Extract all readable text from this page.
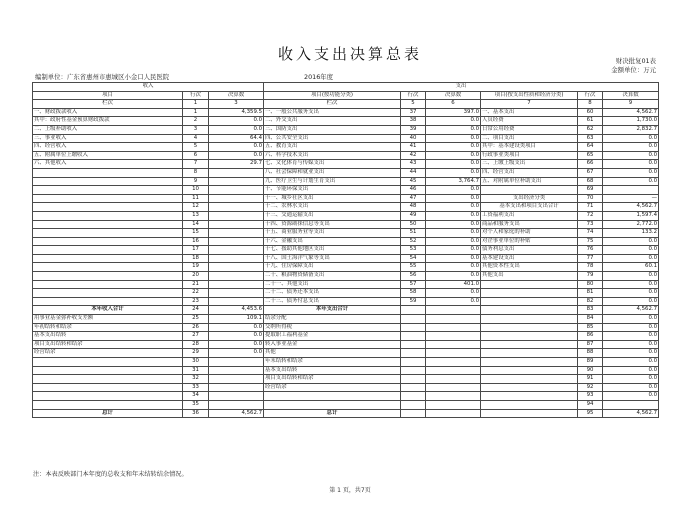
收入支出决算总表	财决批复01表
编制单位：广东省惠州市惠城区小金口人民医院	2016年度
金额单位：万元
收入			支出					
项目	行次	决算数	项目(按功能分类)	行次	决算数	项目(按支出性质和经济分类)	行次	决算数
栏次	1	3	栏次	5	6	7	8	9
一、财政拨款收入	1	4,359.5	一、一般公共服务支出	37	397.0	一、基本支出	60	4,562.7
其中：政府性基金预算财政拨款	2	0.0	二、外交支出	38	0.0	人员经费	61	1,730.0
二、上级补助收入	3	0.0	三、国防支出	39	0.0	日常公用经费	62	2,832.7
三、事业收入	4	64.4	四、公共安全支出	40	0.0	二、项目支出	63	0.0
四、经营收入	5	0.0	五、教育支出	41	0.0	其中：基本建设类项目	64	0.0
五、附属单位上缴收入	6	0.0	六、科学技术支出	42	0.0	行政事业类项目	65	0.0
六、其他收入	7	29.7	七、文化体育与传媒支出	43	0.0	三、上缴上级支出	66	0.0
	8		八、社会保障和就业支出	44	0.0	四、经营支出	67	0.0
	9		九、医疗卫生与计划生育支出	45	3,764.7	五、对附属单位补助支出	68	0.0
	10		十、节能环保支出	46	0.0		69	
	11		十一、城乡社区支出	47	0.0	支出经济分类	70	—
	12		十二、农林水支出	48	0.0	基本支出和项目支出合计	71	4,562.7
	13		十三、交通运输支出	49	0.0	工资福利支出	72	1,597.4
	14		十四、资源勘探信息等支出	50	0.0	商品和服务支出	73	2,772.0
	15		十五、商业服务业等支出	51	0.0	对个人和家庭的补助	74	133.2
	16		十六、金融支出	52	0.0	对企事业单位的补贴	75	0.0
	17		十七、援助其他地区支出	53	0.0	债务利息支出	76	0.0
	18		十八、国土海洋气象等支出	54	0.0	基本建设支出	77	0.0
	19		十九、住房保障支出	55	0.0	其他资本性支出	78	60.1
	20		二十、粮油物资储备支出	56	0.0	其他支出	79	0.0
	21		二十一、其他支出	57	401.0		80	0.0
	22		二十二、债务还本支出	58	0.0		81	0.0
	23		二十三、债务付息支出	59	0.0		82	0.0
本年收入合计	24	4,453.6	本年支出合计				83	4,562.7
用事业基金弥补收支差额	25	109.1	结余分配				84	0.0
年初结转和结余	26	0.0	交纳所得税				85	0.0
基本支出结转	27	0.0	提取职工福利基金				86	0.0
项目支出结转和结余	28	0.0	转入事业基金				87	0.0
经营结余	29	0.0	其他				88	0.0
	30		年末结转和结余				89	0.0
	31		基本支出结转				90	0.0
	32		项目支出结转和结余				91	0.0
	33		经营结余				92	0.0
	34						93	0.0
	35						94	
总计	36	4,562.7	总计				95	4,562.7
注：本表反映部门本年度的总收支和年末结转结余情况。
第 1 页，共7页
